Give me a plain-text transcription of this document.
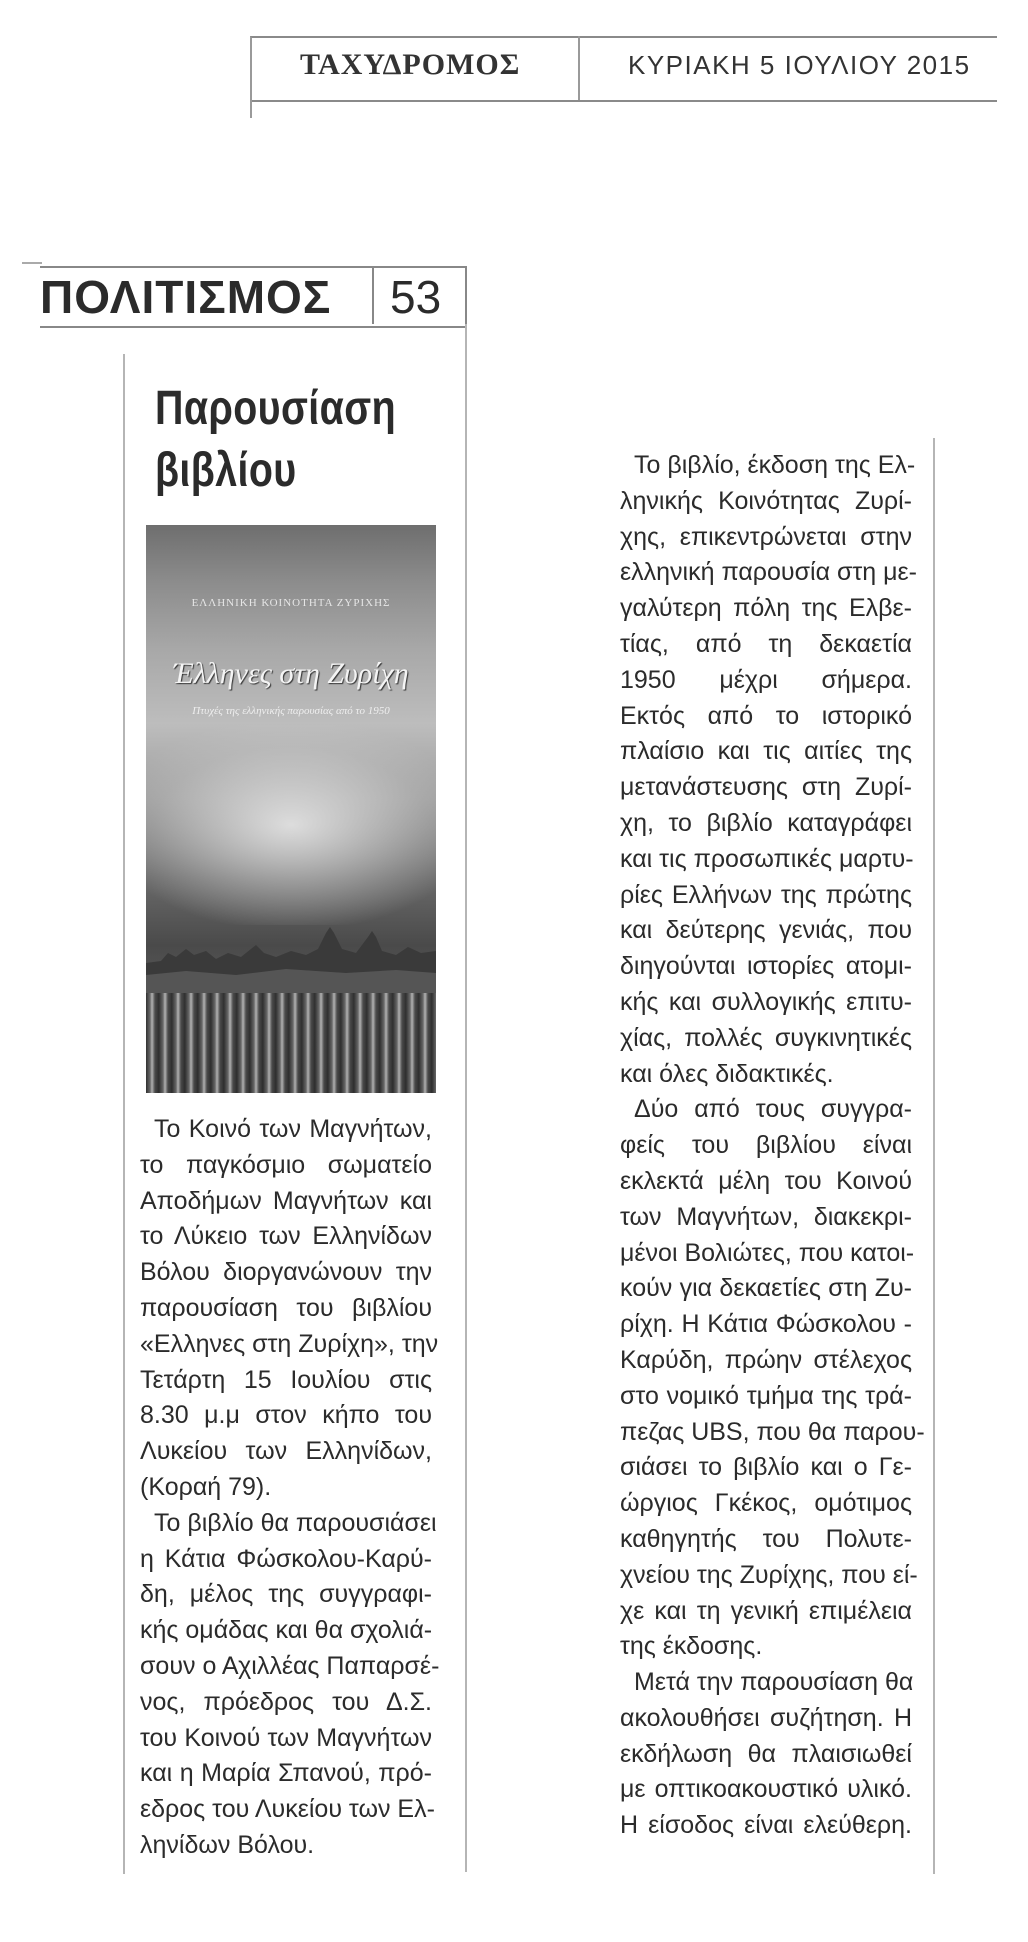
ΤΑΧΥΔΡΟΜΟΣ	ΚΥΡΙΑΚΗ 5 ΙΟΥΛΙΟΥ 2015
ΠΟΛΙΤΙΣΜΟΣ 53
Παρουσίαση
βιβλίου
ΕΛΛΗΝΙΚΗ ΚΟΙΝΟΤΗΤΑ ΖΥΡΙΧΗΣ
Έλληνες στη Ζυρίχη
Πτυχές της ελληνικής παρουσίας από το 1950
Το Κοινό των Μαγνήτων,
το παγκόσμιο σωματείο
Αποδήμων Μαγνήτων και
το Λύκειο των Ελληνίδων
Βόλου διοργανώνουν την
παρουσίαση του βιβλίου
«Ελληνες στη Ζυρίχη», την
Τετάρτη 15 Ιουλίου στις
8.30 μ.μ στον κήπο του
Λυκείου των Ελληνίδων,
(Κοραή 79).
Το βιβλίο θα παρουσιάσει
η Κάτια Φώσκολου-Καρύ-
δη, μέλος της συγγραφι-
κής ομάδας και θα σχολιά-
σουν ο Αχιλλέας Παπαρσέ-
νος, πρόεδρος του Δ.Σ.
του Κοινού των Μαγνήτων
και η Μαρία Σπανού, πρό-
εδρος του Λυκείου των Ελ-
ληνίδων Βόλου.
Το βιβλίο, έκδοση της Ελ-
ληνικής Κοινότητας Ζυρί-
χης, επικεντρώνεται στην
ελληνική παρουσία στη με-
γαλύτερη πόλη της Ελβε-
τίας, από τη δεκαετία
1950 μέχρι σήμερα.
Εκτός από το ιστορικό
πλαίσιο και τις αιτίες της
μετανάστευσης στη Ζυρί-
χη, το βιβλίο καταγράφει
και τις προσωπικές μαρτυ-
ρίες Ελλήνων της πρώτης
και δεύτερης γενιάς, που
διηγούνται ιστορίες ατομι-
κής και συλλογικής επιτυ-
χίας, πολλές συγκινητικές
και όλες διδακτικές.
Δύο από τους συγγρα-
φείς του βιβλίου είναι
εκλεκτά μέλη του Κοινού
των Μαγνήτων, διακεκρι-
μένοι Βολιώτες, που κατοι-
κούν για δεκαετίες στη Ζυ-
ρίχη. Η Κάτια Φώσκολου -
Καρύδη, πρώην στέλεχος
στο νομικό τμήμα της τρά-
πεζας UBS, που θα παρου-
σιάσει το βιβλίο και ο Γε-
ώργιος Γκέκος, ομότιμος
καθηγητής του Πολυτε-
χνείου της Ζυρίχης, που εί-
χε και τη γενική επιμέλεια
της έκδοσης.
Μετά την παρουσίαση θα
ακολουθήσει συζήτηση. Η
εκδήλωση θα πλαισιωθεί
με οπτικοακουστικό υλικό.
Η είσοδος είναι ελεύθερη.
